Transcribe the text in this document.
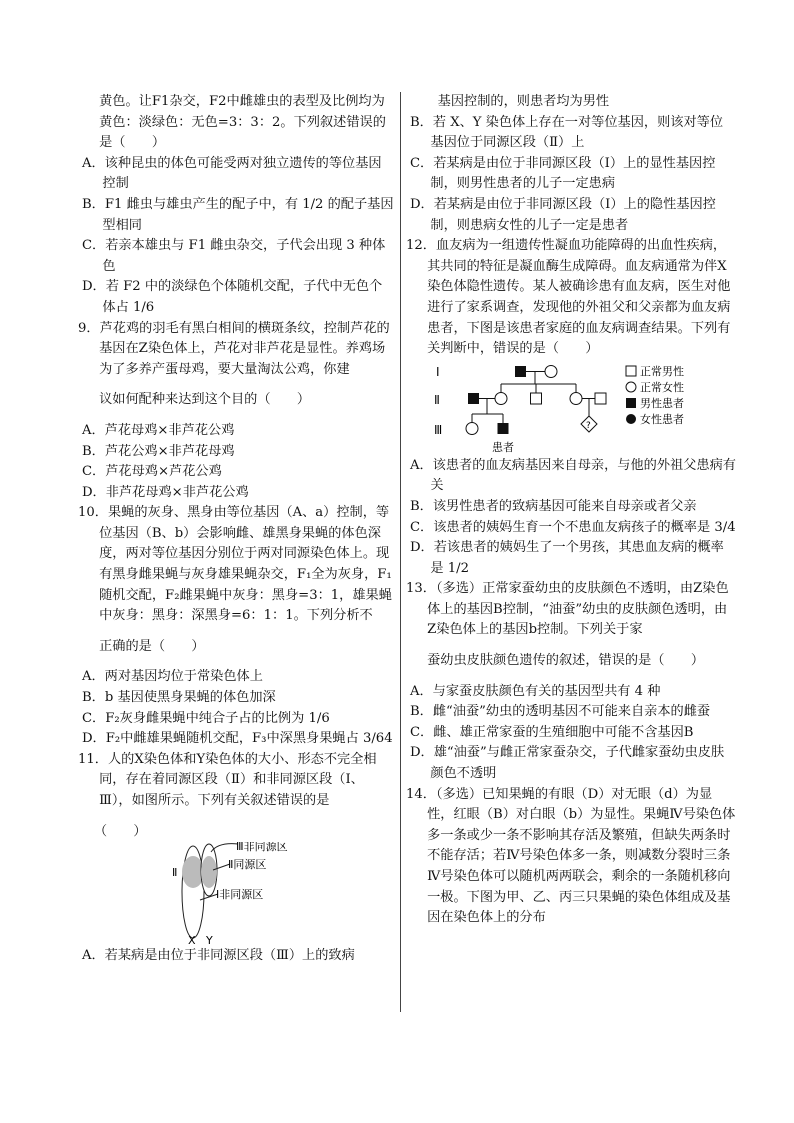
黄色。让F1杂交，F2中雌雄虫的表型及比例均为

黄色：淡绿色：无色=3：3：2。下列叙述错误的

是（　　）

A．该种昆虫的体色可能受两对独立遗传的等位基因控制

B．F1 雌虫与雄虫产生的配子中，有 1/2 的配子基因型相同

C．若亲本雄虫与 F1 雌虫杂交，子代会出现 3 种体色

D．若 F2 中的淡绿色个体随机交配，子代中无色个体占 1/6

9．芦花鸡的羽毛有黑白相间的横斑条纹，控制芦花的基因在Z染色体上，芦花对非芦花是显性。养鸡场为了多养产蛋母鸡，要大量淘汰公鸡，你建

议如何配种来达到这个目的（　　）

A．芦花母鸡×非芦花公鸡

B．芦花公鸡×非芦花母鸡

C．芦花母鸡×芦花公鸡

D．非芦花母鸡×非芦花公鸡

10．果蝇的灰身、黑身由等位基因（A、a）控制，等位基因（B、b）会影响雌、雄黑身果蝇的体色深度，两对等位基因分别位于两对同源染色体上。现有黑身雌果蝇与灰身雄果蝇杂交，F₁全为灰身，F₁随机交配，F₂雌果蝇中灰身：黑身=3：1，雄果蝇中灰身：黑身：深黑身=6：1：1。下列分析不

正确的是（　　）

A．两对基因均位于常染色体上

B．b 基因使黑身果蝇的体色加深

C．F₂灰身雌果蝇中纯合子占的比例为 1/6

D．F₂中雌雄果蝇随机交配，F₃中深黑身果蝇占 3/64

11．人的X染色体和Y染色体的大小、形态不完全相同，存在着同源区段（Ⅱ）和非同源区段（Ⅰ、Ⅲ），如图所示。下列有关叙述错误的是

（　　）

Ⅲ非同源区
Ⅱ同源区
Ⅱ
Ⅰ非同源区
X Y

A．若某病是由位于非同源区段（Ⅲ）上的致病

基因控制的，则患者均为男性

B．若 X、Y 染色体上存在一对等位基因，则该对等位基因位于同源区段（Ⅱ）上

C．若某病是由位于非同源区段（Ⅰ）上的显性基因控制，则男性患者的儿子一定患病

D．若某病是由位于非同源区段（Ⅰ）上的隐性基因控制，则患病女性的儿子一定是患者

12．血友病为一组遗传性凝血功能障碍的出血性疾病，其共同的特征是凝血酶生成障碍。血友病通常为伴X染色体隐性遗传。某人被确诊患有血友病，医生对他进行了家系调查，发现他的外祖父和父亲都为血友病患者，下图是该患者家庭的血友病调查结果。下列有关判断中，错误的是（　　）

Ⅰ
Ⅱ
Ⅲ
患者
?
正常男性
正常女性
男性患者
女性患者

A．该患者的血友病基因来自母亲，与他的外祖父患病有关

B．该男性患者的致病基因可能来自母亲或者父亲

C．该患者的姨妈生育一个不患血友病孩子的概率是 3/4

D．若该患者的姨妈生了一个男孩，其患血友病的概率是 1/2

13．（多选）正常家蚕幼虫的皮肤颜色不透明，由Z染色体上的基因B控制，“油蚕”幼虫的皮肤颜色透明，由Z染色体上的基因b控制。下列关于家

蚕幼虫皮肤颜色遗传的叙述，错误的是（　　）

A．与家蚕皮肤颜色有关的基因型共有 4 种

B．雌“油蚕”幼虫的透明基因不可能来自亲本的雌蚕

C．雌、雄正常家蚕的生殖细胞中可能不含基因B

D．雄“油蚕”与雌正常家蚕杂交，子代雌家蚕幼虫皮肤颜色不透明

14．（多选）已知果蝇的有眼（D）对无眼（d）为显性，红眼（B）对白眼（b）为显性。果蝇Ⅳ号染色体多一条或少一条不影响其存活及繁殖，但缺失两条时不能存活；若Ⅳ号染色体多一条，则减数分裂时三条Ⅳ号染色体可以随机两两联会，剩余的一条随机移向一极。下图为甲、乙、丙三只果蝇的染色体组成及基因在染色体上的分布
